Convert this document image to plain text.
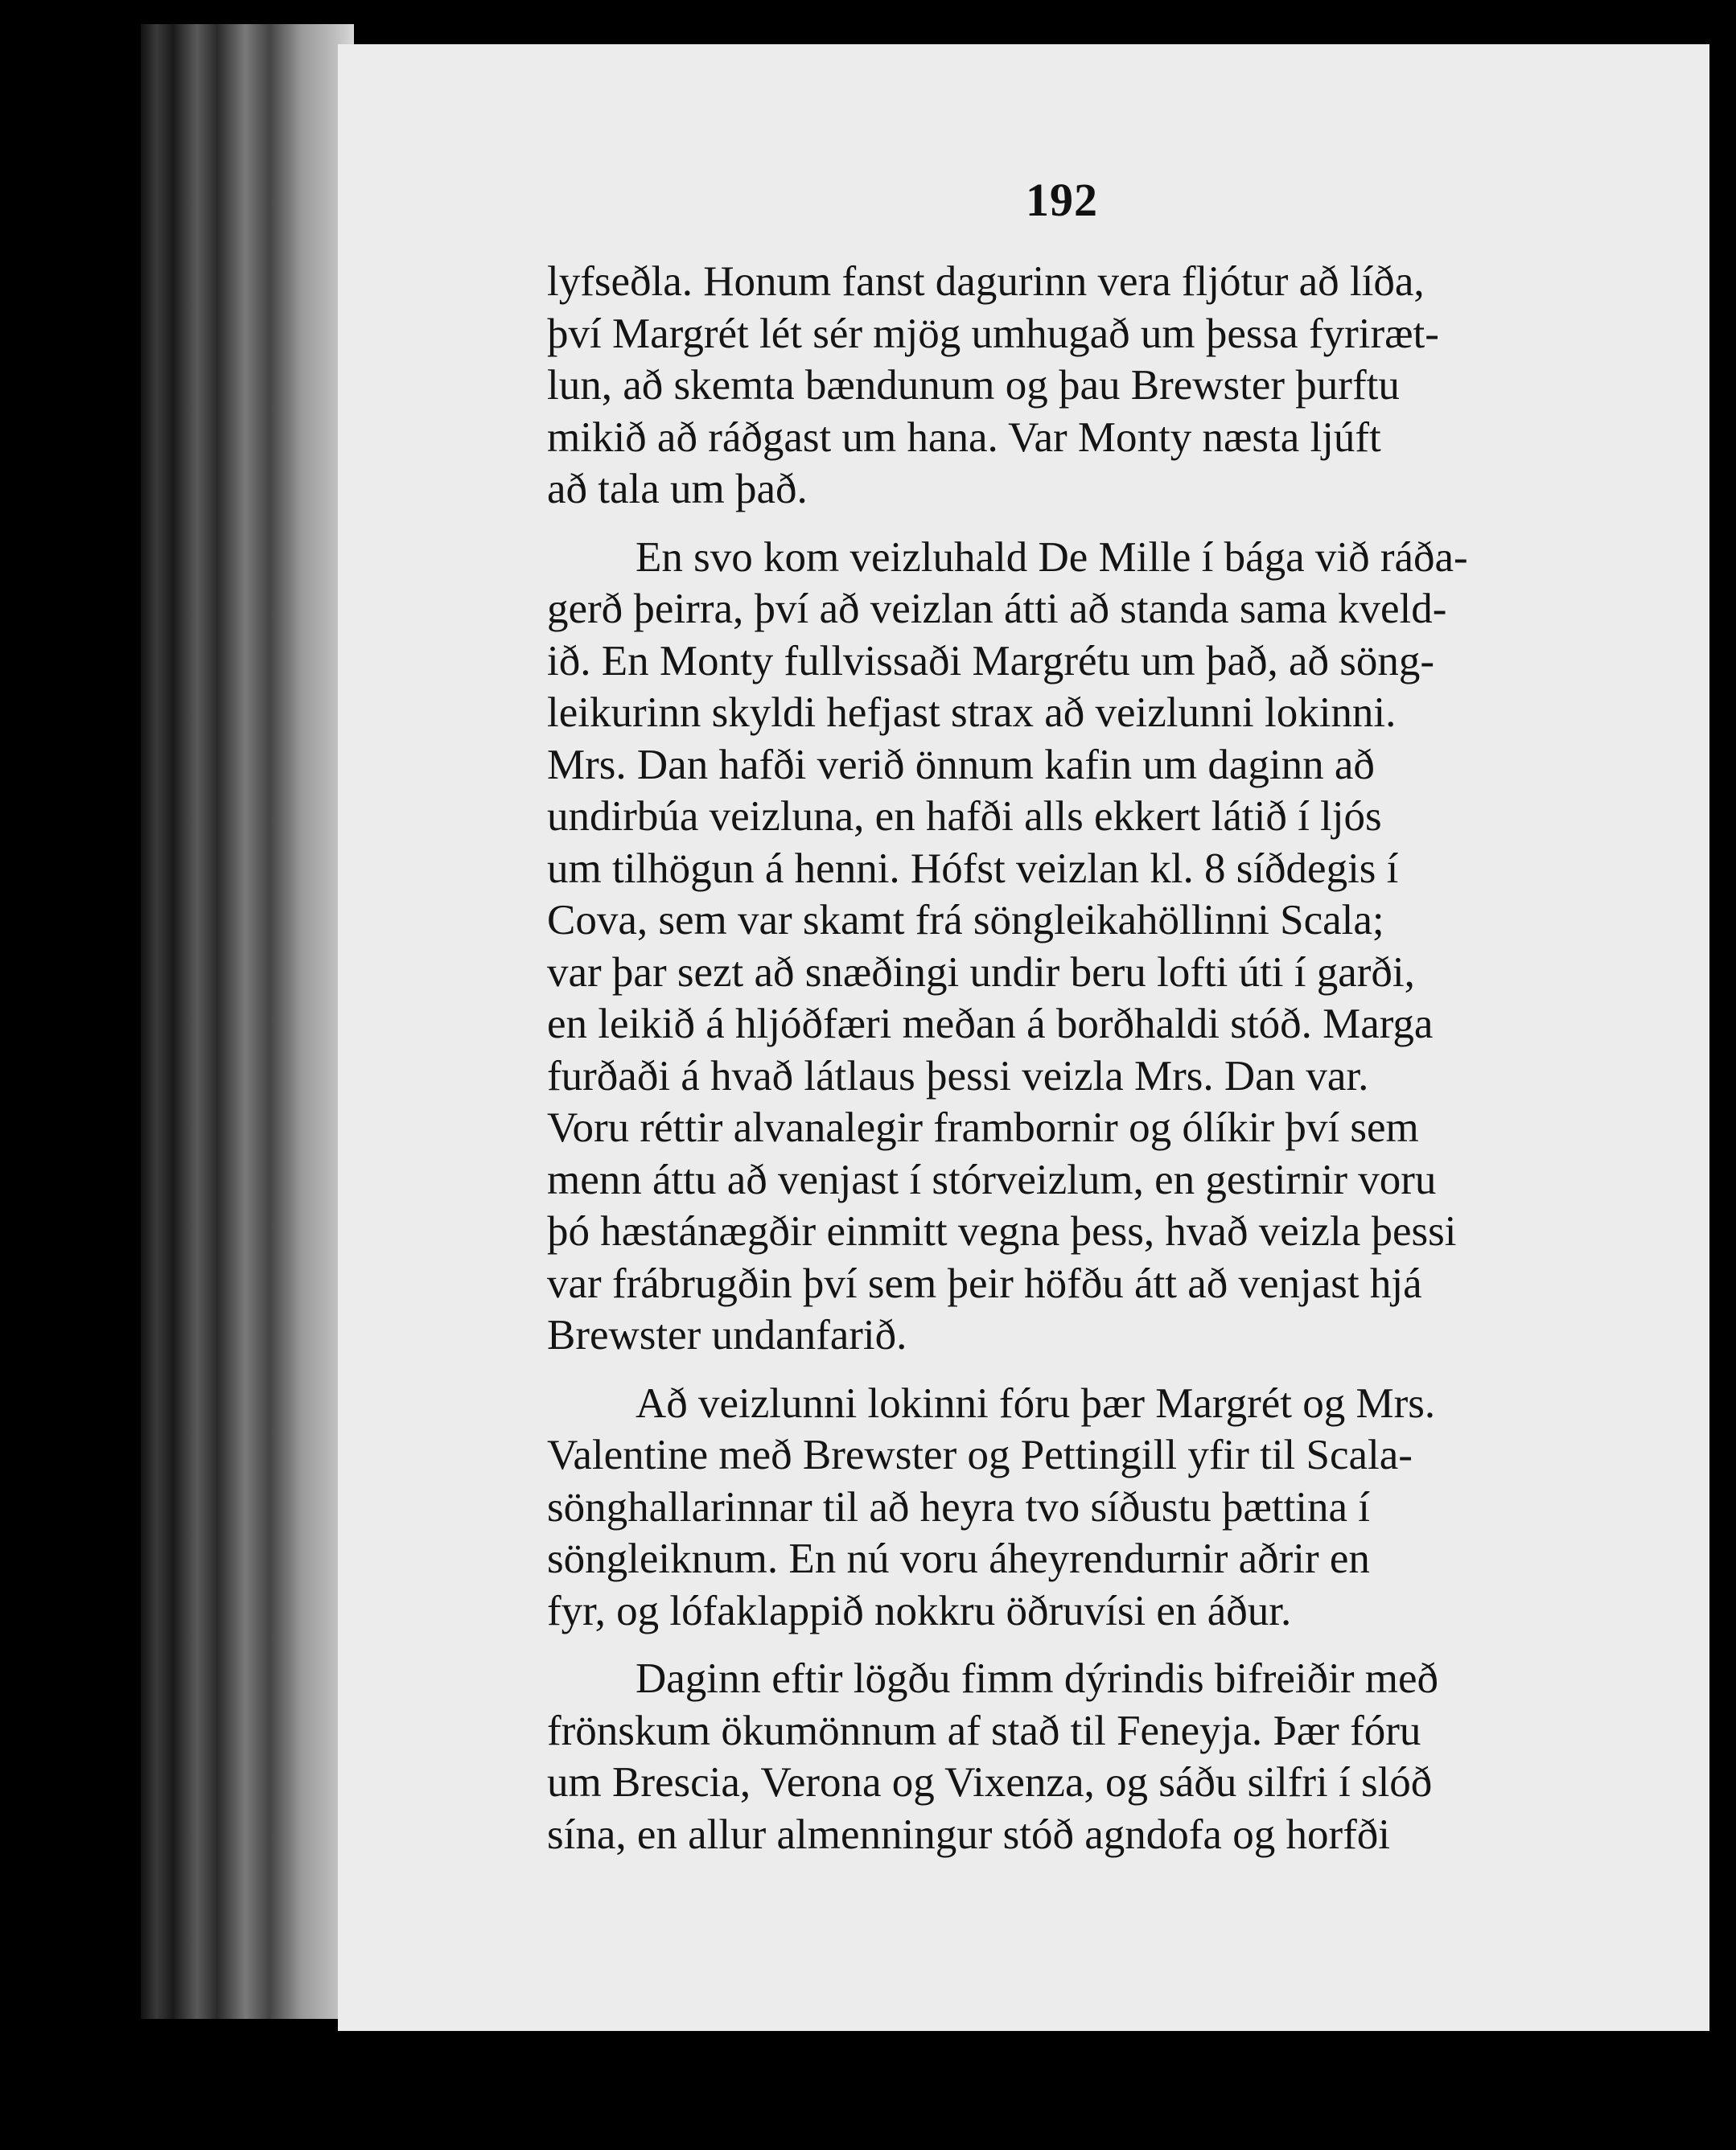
192
lyfseðla. Honum fanst dagurinn vera fljótur að líða,
því Margrét lét sér mjög umhugað um þessa fyriræt-
lun, að skemta bændunum og þau Brewster þurftu
mikið að ráðgast um hana. Var Monty næsta ljúft
að tala um það.
En svo kom veizluhald De Mille í bága við ráða-
gerð þeirra, því að veizlan átti að standa sama kveld-
ið. En Monty fullvissaði Margrétu um það, að söng-
leikurinn skyldi hefjast strax að veizlunni lokinni.
Mrs. Dan hafði verið önnum kafin um daginn að
undirbúa veizluna, en hafði alls ekkert látið í ljós
um tilhögun á henni. Hófst veizlan kl. 8 síðdegis í
Cova, sem var skamt frá söngleikahöllinni Scala;
var þar sezt að snæðingi undir beru lofti úti í garði,
en leikið á hljóðfæri meðan á borðhaldi stóð. Marga
furðaði á hvað látlaus þessi veizla Mrs. Dan var.
Voru réttir alvanalegir frambornir og ólíkir því sem
menn áttu að venjast í stórveizlum, en gestirnir voru
þó hæstánægðir einmitt vegna þess, hvað veizla þessi
var frábrugðin því sem þeir höfðu átt að venjast hjá
Brewster undanfarið.
Að veizlunni lokinni fóru þær Margrét og Mrs.
Valentine með Brewster og Pettingill yfir til Scala-
sönghallarinnar til að heyra tvo síðustu þættina í
söngleiknum. En nú voru áheyrendurnir aðrir en
fyr, og lófaklappið nokkru öðruvísi en áður.
Daginn eftir lögðu fimm dýrindis bifreiðir með
frönskum ökumönnum af stað til Feneyja. Þær fóru
um Brescia, Verona og Vixenza, og sáðu silfri í slóð
sína, en allur almenningur stóð agndofa og horfði
